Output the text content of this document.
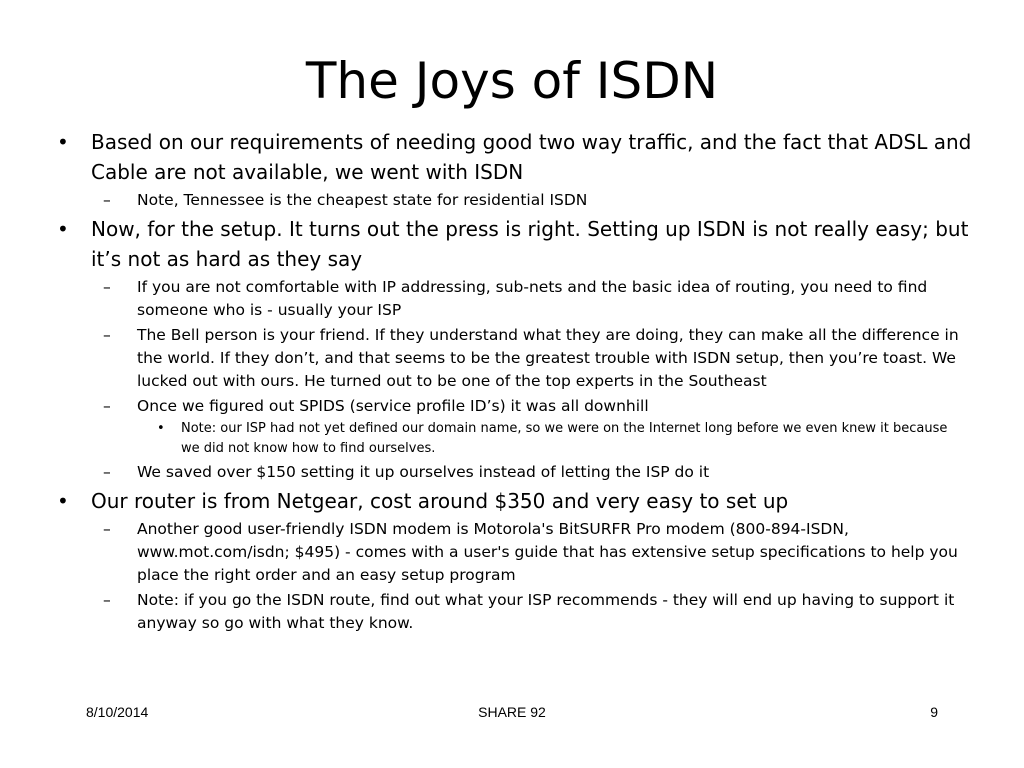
The Joys of ISDN
• Based on our requirements of needing good two way traffic, and the fact that ADSL and Cable are not available, we went with ISDN
– Note, Tennessee is the cheapest state for residential ISDN
• Now, for the setup. It turns out the press is right. Setting up ISDN is not really easy; but it’s not as hard as they say
– If you are not comfortable with IP addressing, sub-nets and the basic idea of routing, you need to find someone who is - usually your ISP
– The Bell person is your friend. If they understand what they are doing, they can make all the difference in the world. If they don’t, and that seems to be the greatest trouble with ISDN setup, then you’re toast. We lucked out with ours. He turned out to be one of the top experts in the Southeast
– Once we figured out SPIDS (service profile ID’s) it was all downhill
• Note: our ISP had not yet defined our domain name, so we were on the Internet long before we even knew it because we did not know how to find ourselves.
– We saved over $150 setting it up ourselves instead of letting the ISP do it
• Our router is from Netgear, cost around $350 and very easy to set up
– Another good user-friendly ISDN modem is Motorola's BitSURFR Pro modem (800-894-ISDN, www.mot.com/isdn; $495) - comes with a user's guide that has extensive setup specifications to help you place the right order and an easy setup program
– Note: if you go the ISDN route, find out what your ISP recommends - they will end up having to support it anyway so go with what they know.
8/10/2014	SHARE 92	9
